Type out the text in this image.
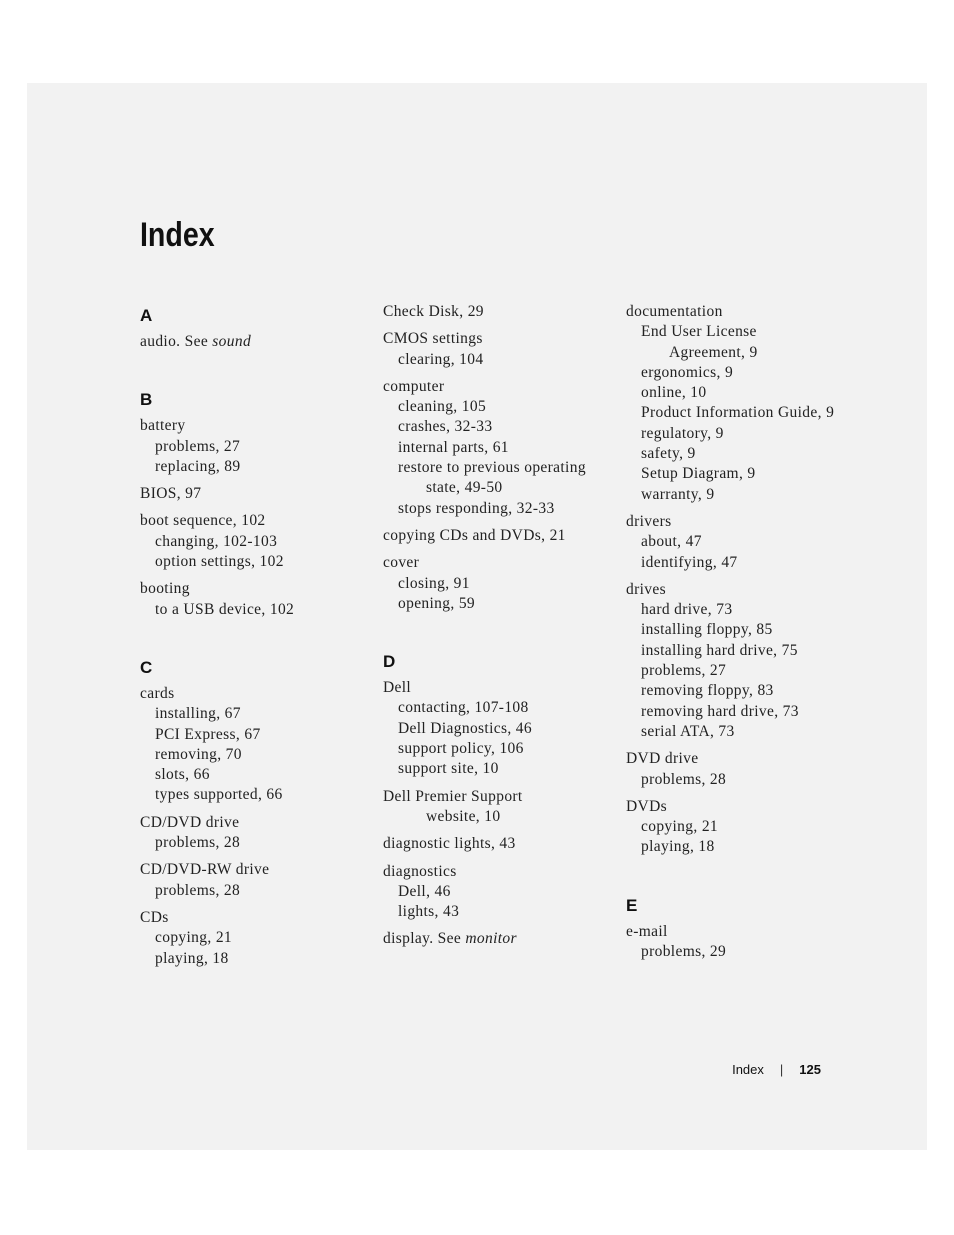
Index
A
audio. See sound
B
battery
problems, 27
replacing, 89
BIOS, 97
boot sequence, 102
changing, 102-103
option settings, 102
booting
to a USB device, 102
C
cards
installing, 67
PCI Express, 67
removing, 70
slots, 66
types supported, 66
CD/DVD drive
problems, 28
CD/DVD-RW drive
problems, 28
CDs
copying, 21
playing, 18
Check Disk, 29
CMOS settings
clearing, 104
computer
cleaning, 105
crashes, 32-33
internal parts, 61
restore to previous operating
state, 49-50
stops responding, 32-33
copying CDs and DVDs, 21
cover
closing, 91
opening, 59
D
Dell
contacting, 107-108
Dell Diagnostics, 46
support policy, 106
support site, 10
Dell Premier Support
website, 10
diagnostic lights, 43
diagnostics
Dell, 46
lights, 43
display. See monitor
documentation
End User License
Agreement, 9
ergonomics, 9
online, 10
Product Information Guide, 9
regulatory, 9
safety, 9
Setup Diagram, 9
warranty, 9
drivers
about, 47
identifying, 47
drives
hard drive, 73
installing floppy, 85
installing hard drive, 75
problems, 27
removing floppy, 83
removing hard drive, 73
serial ATA, 73
DVD drive
problems, 28
DVDs
copying, 21
playing, 18
E
e-mail
problems, 29
Index | 125
